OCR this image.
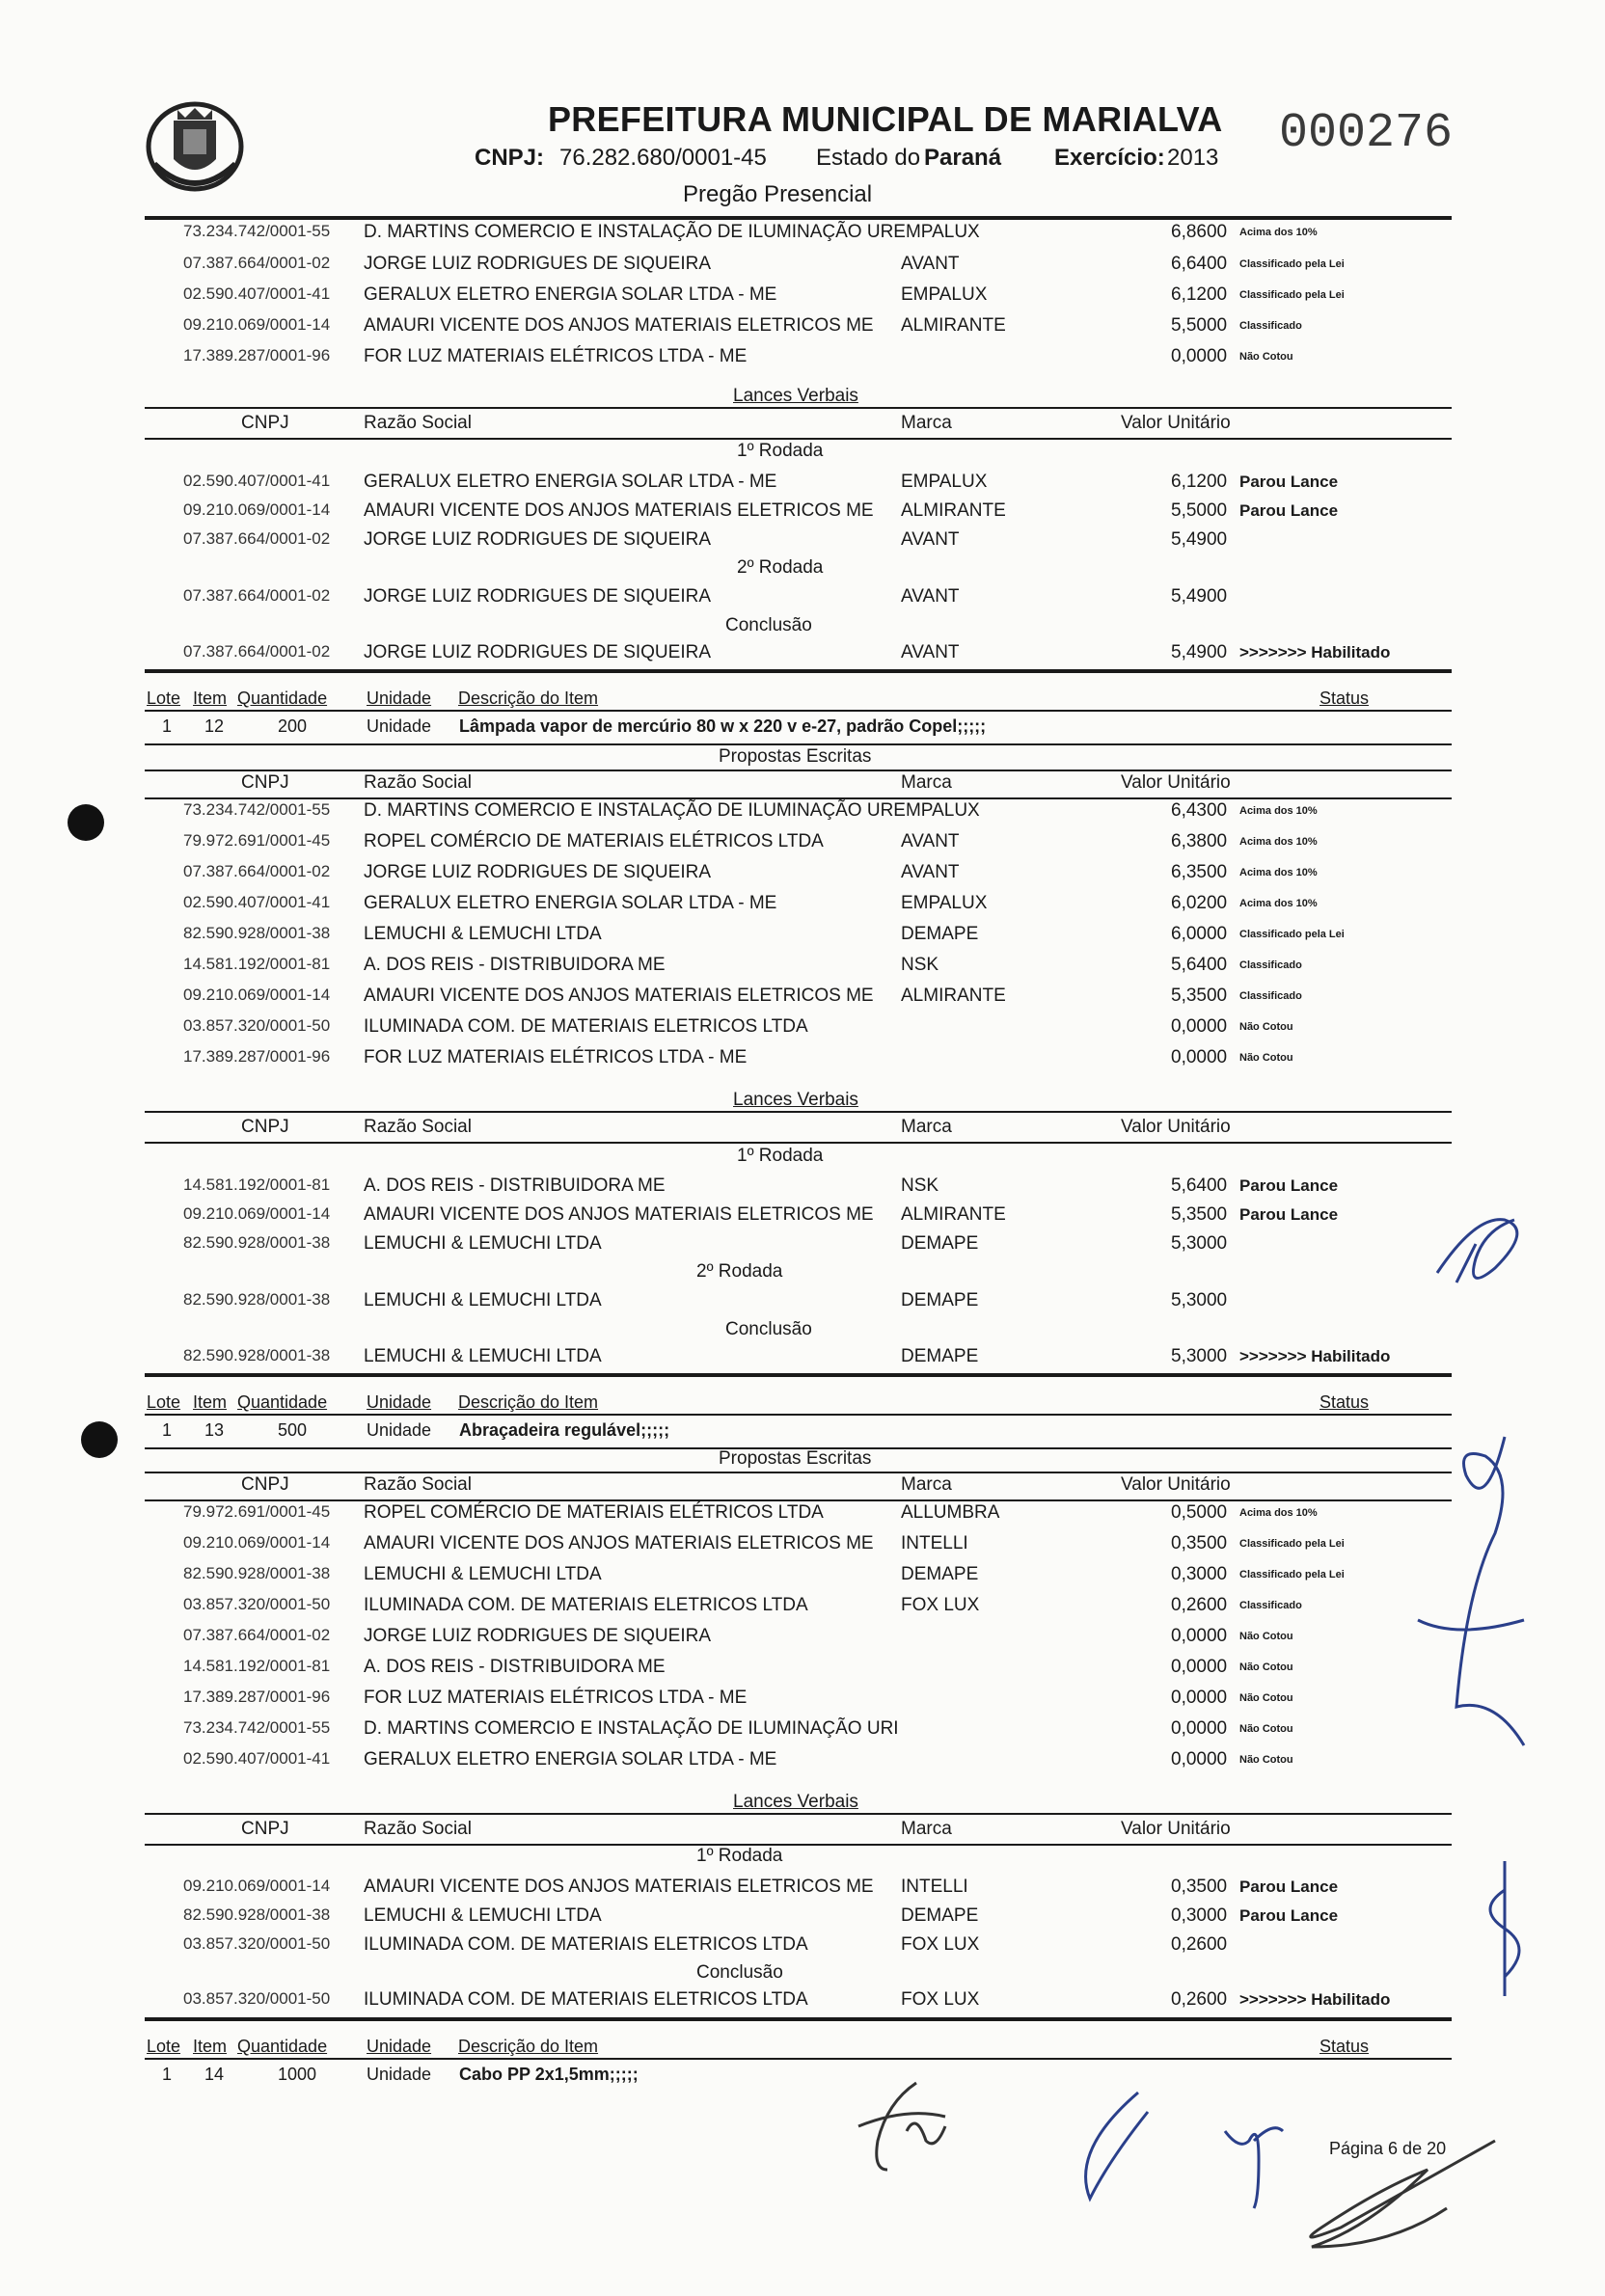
PREFEITURA MUNICIPAL DE MARIALVA
CNPJ: 76.282.680/0001-45 Estado do Paraná Exercício: 2013
Pregão Presencial
000276
73.234.742/0001-55 D. MARTINS COMERCIO E INSTALAÇÃO DE ILUMINAÇÃO UREMPALUX	6,8600 Acima dos 10%
07.387.664/0001-02 JORGE LUIZ RODRIGUES DE SIQUEIRA	AVANT	6,6400 Classificado pela Lei
02.590.407/0001-41 GERALUX ELETRO ENERGIA SOLAR LTDA - ME	EMPALUX	6,1200 Classificado pela Lei
09.210.069/0001-14 AMAURI VICENTE DOS ANJOS MATERIAIS ELETRICOS ME ALMIRANTE	5,5000 Classificado
17.389.287/0001-96 FOR LUZ MATERIAIS ELÉTRICOS LTDA - ME	0,0000 Não Cotou
Lances Verbais
CNPJ	Razão Social	Marca	Valor Unitário
1º Rodada
02.590.407/0001-41 GERALUX ELETRO ENERGIA SOLAR LTDA - ME	EMPALUX	6,1200 Parou Lance
09.210.069/0001-14 AMAURI VICENTE DOS ANJOS MATERIAIS ELETRICOS ME ALMIRANTE	5,5000 Parou Lance
07.387.664/0001-02 JORGE LUIZ RODRIGUES DE SIQUEIRA	AVANT	5,4900
2º Rodada
07.387.664/0001-02 JORGE LUIZ RODRIGUES DE SIQUEIRA	AVANT	5,4900
Conclusão
07.387.664/0001-02 JORGE LUIZ RODRIGUES DE SIQUEIRA	AVANT	5,4900 >>>>>>> Habilitado
Lote Item Quantidade Unidade Descrição do Item	Status
1 12	200	Unidade Lâmpada vapor de mercúrio 80 w x 220 v e-27, padrão Copel;;;;;
Propostas Escritas
CNPJ	Razão Social	Marca	Valor Unitário
73.234.742/0001-55 D. MARTINS COMERCIO E INSTALAÇÃO DE ILUMINAÇÃO UREMPALUX	6,4300 Acima dos 10%
79.972.691/0001-45 ROPEL COMÉRCIO DE MATERIAIS ELÉTRICOS LTDA	AVANT	6,3800 Acima dos 10%
07.387.664/0001-02 JORGE LUIZ RODRIGUES DE SIQUEIRA	AVANT	6,3500 Acima dos 10%
02.590.407/0001-41 GERALUX ELETRO ENERGIA SOLAR LTDA - ME	EMPALUX	6,0200 Acima dos 10%
82.590.928/0001-38 LEMUCHI & LEMUCHI LTDA	DEMAPE	6,0000 Classificado pela Lei
14.581.192/0001-81 A. DOS REIS - DISTRIBUIDORA ME	NSK	5,6400 Classificado
09.210.069/0001-14 AMAURI VICENTE DOS ANJOS MATERIAIS ELETRICOS ME ALMIRANTE	5,3500 Classificado
03.857.320/0001-50 ILUMINADA COM. DE MATERIAIS ELETRICOS LTDA	0,0000 Não Cotou
17.389.287/0001-96 FOR LUZ MATERIAIS ELÉTRICOS LTDA - ME	0,0000 Não Cotou
Lances Verbais
CNPJ	Razão Social	Marca	Valor Unitário
1º Rodada
14.581.192/0001-81 A. DOS REIS - DISTRIBUIDORA ME	NSK	5,6400 Parou Lance
09.210.069/0001-14 AMAURI VICENTE DOS ANJOS MATERIAIS ELETRICOS ME ALMIRANTE	5,3500 Parou Lance
82.590.928/0001-38 LEMUCHI & LEMUCHI LTDA	DEMAPE	5,3000
2º Rodada
82.590.928/0001-38 LEMUCHI & LEMUCHI LTDA	DEMAPE	5,3000
Conclusão
82.590.928/0001-38 LEMUCHI & LEMUCHI LTDA	DEMAPE	5,3000 >>>>>>> Habilitado
Lote Item Quantidade Unidade Descrição do Item	Status
1 13	500	Unidade Abraçadeira regulável;;;;;
Propostas Escritas
CNPJ	Razão Social	Marca	Valor Unitário
79.972.691/0001-45 ROPEL COMÉRCIO DE MATERIAIS ELÉTRICOS LTDA	ALLUMBRA	0,5000 Acima dos 10%
09.210.069/0001-14 AMAURI VICENTE DOS ANJOS MATERIAIS ELETRICOS ME INTELLI	0,3500 Classificado pela Lei
82.590.928/0001-38 LEMUCHI & LEMUCHI LTDA	DEMAPE	0,3000 Classificado pela Lei
03.857.320/0001-50 ILUMINADA COM. DE MATERIAIS ELETRICOS LTDA	FOX LUX	0,2600 Classificado
07.387.664/0001-02 JORGE LUIZ RODRIGUES DE SIQUEIRA	0,0000 Não Cotou
14.581.192/0001-81 A. DOS REIS - DISTRIBUIDORA ME	0,0000 Não Cotou
17.389.287/0001-96 FOR LUZ MATERIAIS ELÉTRICOS LTDA - ME	0,0000 Não Cotou
73.234.742/0001-55 D. MARTINS COMERCIO E INSTALAÇÃO DE ILUMINAÇÃO URI	0,0000 Não Cotou
02.590.407/0001-41 GERALUX ELETRO ENERGIA SOLAR LTDA - ME	0,0000 Não Cotou
Lances Verbais
CNPJ	Razão Social	Marca	Valor Unitário
1º Rodada
09.210.069/0001-14 AMAURI VICENTE DOS ANJOS MATERIAIS ELETRICOS ME INTELLI	0,3500 Parou Lance
82.590.928/0001-38 LEMUCHI & LEMUCHI LTDA	DEMAPE	0,3000 Parou Lance
03.857.320/0001-50 ILUMINADA COM. DE MATERIAIS ELETRICOS LTDA	FOX LUX	0,2600
Conclusão
03.857.320/0001-50 ILUMINADA COM. DE MATERIAIS ELETRICOS LTDA	FOX LUX	0,2600 >>>>>>> Habilitado
Lote Item Quantidade Unidade Descrição do Item	Status
1 14	1000	Unidade Cabo PP 2x1,5mm;;;;;
Página 6 de 20
